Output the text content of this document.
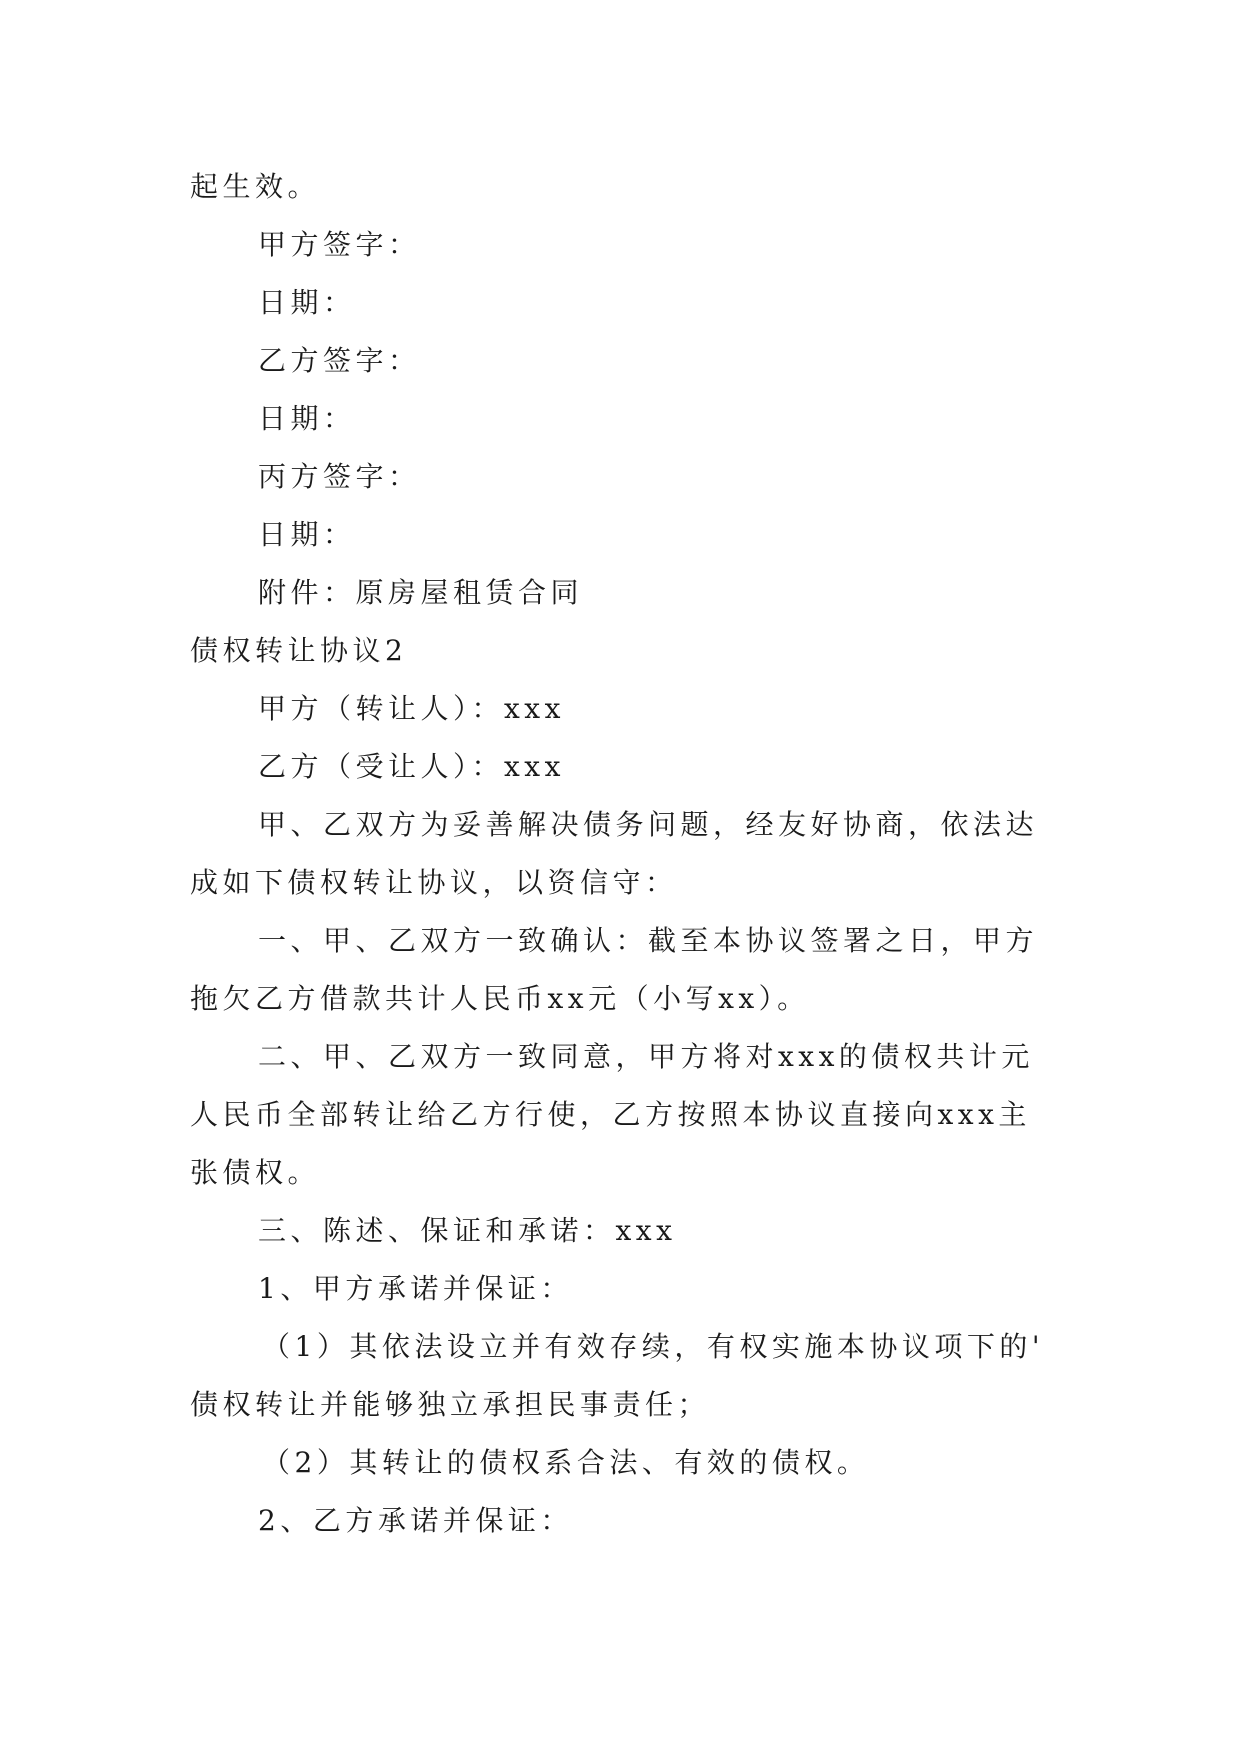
起生效。
甲方签字：
日期：
乙方签字：
日期：
丙方签字：
日期：
附件：原房屋租赁合同
债权转让协议2
甲方（转让人）：xxx
乙方（受让人）：xxx
甲、乙双方为妥善解决债务问题，经友好协商，依法达
成如下债权转让协议，以资信守：
一、甲、乙双方一致确认：截至本协议签署之日，甲方
拖欠乙方借款共计人民币xx元（小写xx）。
二、甲、乙双方一致同意，甲方将对xxx的债权共计元
人民币全部转让给乙方行使，乙方按照本协议直接向xxx主
张债权。
三、陈述、保证和承诺：xxx
1、甲方承诺并保证：
（1）其依法设立并有效存续，有权实施本协议项下的'
债权转让并能够独立承担民事责任；
（2）其转让的债权系合法、有效的债权。
2、乙方承诺并保证：
